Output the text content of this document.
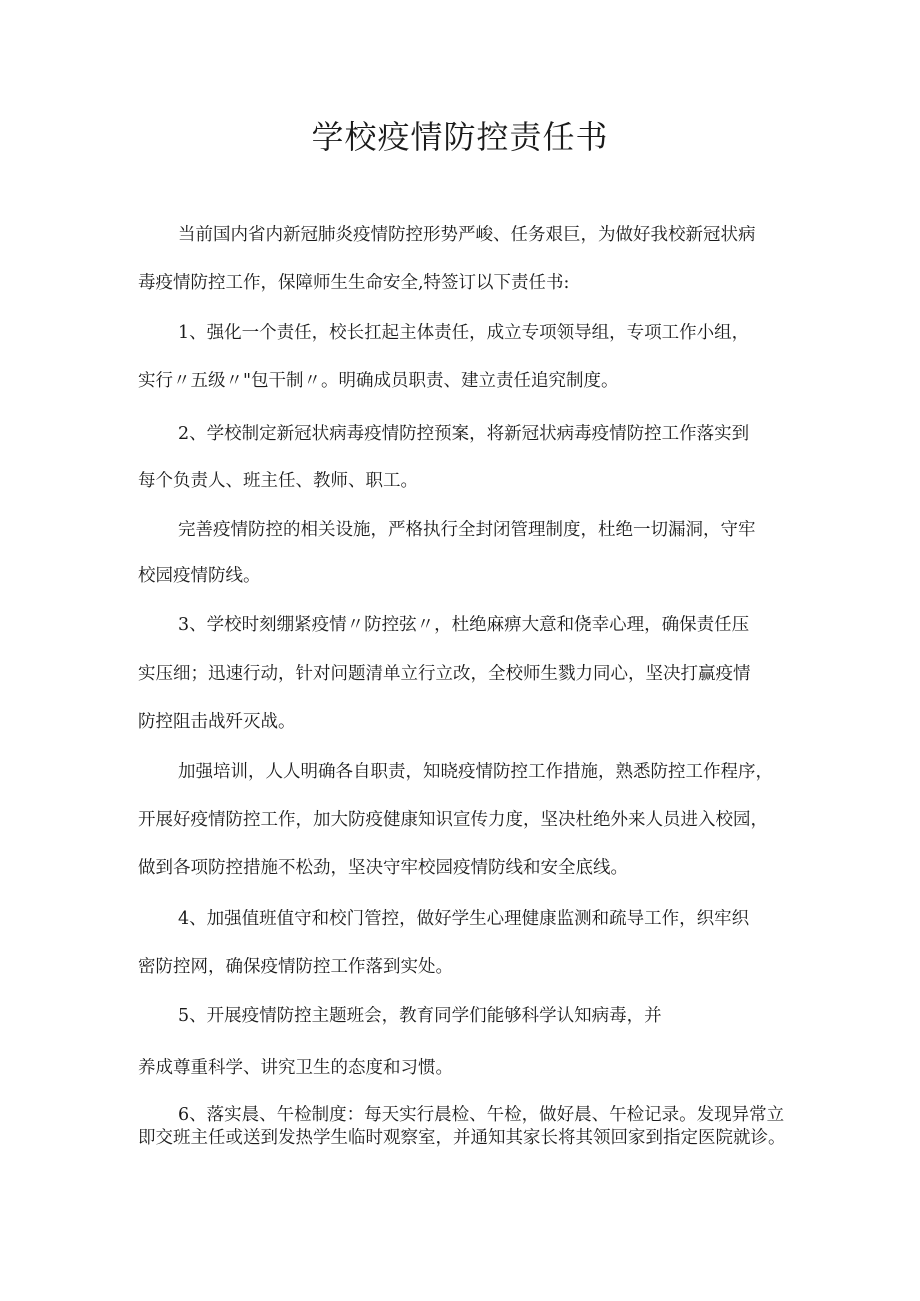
学校疫情防控责任书
当前国内省内新冠肺炎疫情防控形势严峻、任务艰巨，为做好我校新冠状病
毒疫情防控工作，保障师生生命安全,特签订以下责任书:
1、强化一个责任，校长扛起主体责任，成立专项领导组，专项工作小组，
实行〃五级〃"包干制〃。明确成员职责、建立责任追究制度。
2、学校制定新冠状病毒疫情防控预案，将新冠状病毒疫情防控工作落实到
每个负责人、班主任、教师、职工。
完善疫情防控的相关设施，严格执行全封闭管理制度，杜绝一切漏洞，守牢
校园疫情防线。
3、学校时刻绷紧疫情〃防控弦〃，杜绝麻痹大意和侥幸心理，确保责任压
实压细；迅速行动，针对问题清单立行立改，全校师生戮力同心，坚决打赢疫情
防控阻击战歼灭战。
加强培训，人人明确各自职责，知晓疫情防控工作措施，熟悉防控工作程序，
开展好疫情防控工作，加大防疫健康知识宣传力度，坚决杜绝外来人员进入校园，
做到各项防控措施不松劲，坚决守牢校园疫情防线和安全底线。
4、加强值班值守和校门管控，做好学生心理健康监测和疏导工作，织牢织
密防控网，确保疫情防控工作落到实处。
5、开展疫情防控主题班会，教育同学们能够科学认知病毒，并
养成尊重科学、讲究卫生的态度和习惯。
6、落实晨、午检制度：每天实行晨检、午检，做好晨、午检记录。发现异常立即交班主任或送到发热学生临时观察室，并通知其家长将其领回家到指定医院就诊。
